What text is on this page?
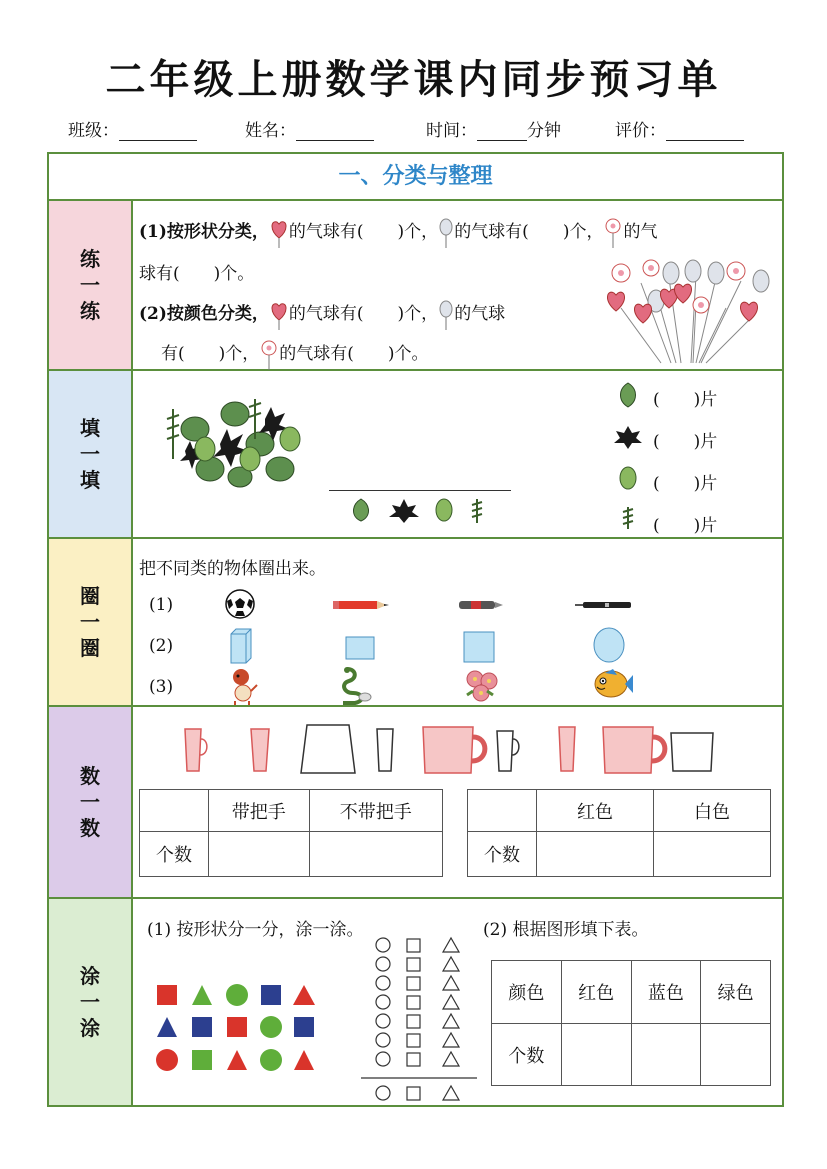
二年级上册数学课内同步预习单
班级：	姓名：	时间：	分钟	评价：
一、分类与整理
练
一
练
(1)按形状分类， 的气球有(　　)个， 的气球有(　　)个， 的气
球有(　　)个。
(2)按颜色分类， 的气球有(　　)个， 的气球
有(　　)个， 的气球有(　　)个。
填
一
填
(　　)片
(　　)片
(　　)片
(　　)片
圈
一
圈
把不同类的物体圈出来。
(1)
(2)
(3)
数
一
数
	带把手	不带把手
个数		
	红色	白色
个数		
涂
一
涂
(1) 按形状分一分，涂一涂。	(2) 根据图形填下表。
颜色	红色	蓝色	绿色
个数			
